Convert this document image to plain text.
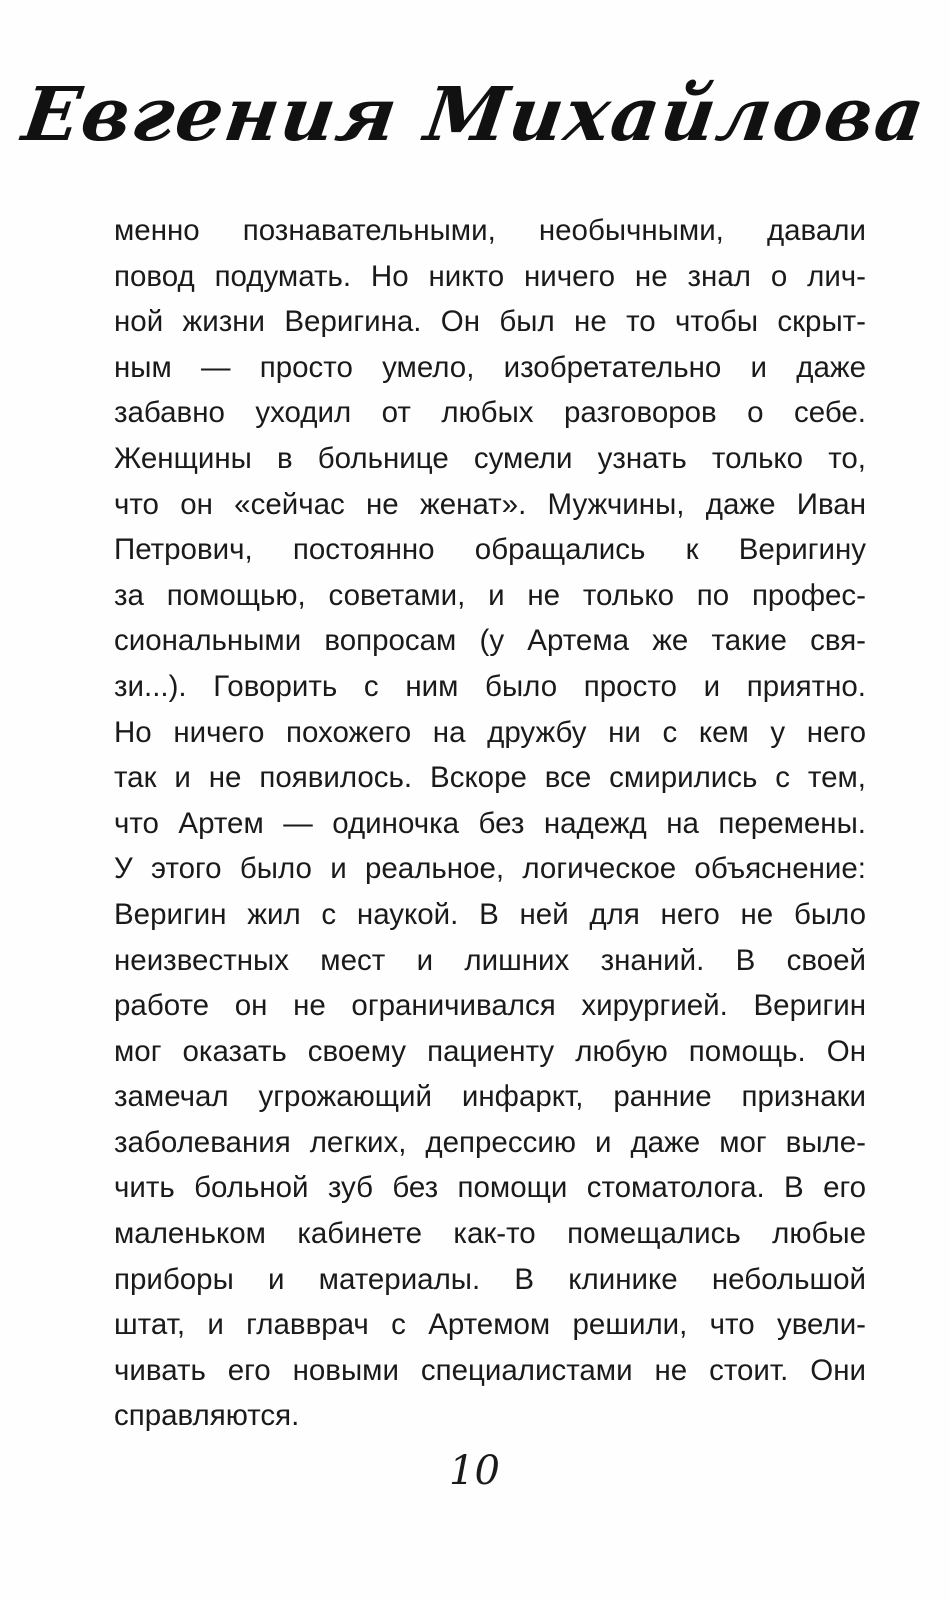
Евгения Михайлова
менно познавательными, необычными, давали
повод подумать. Но никто ничего не знал о лич-
ной жизни Веригина. Он был не то чтобы скрыт-
ным — просто умело, изобретательно и даже
забавно уходил от любых разговоров о себе.
Женщины в больнице сумели узнать только то,
что он «сейчас не женат». Мужчины, даже Иван
Петрович, постоянно обращались к Веригину
за помощью, советами, и не только по профес-
сиональными вопросам (у Артема же такие свя-
зи...). Говорить с ним было просто и приятно.
Но ничего похожего на дружбу ни с кем у него
так и не появилось. Вскоре все смирились с тем,
что Артем — одиночка без надежд на перемены.
У этого было и реальное, логическое объяснение:
Веригин жил с наукой. В ней для него не было
неизвестных мест и лишних знаний. В своей
работе он не ограничивался хирургией. Веригин
мог оказать своему пациенту любую помощь. Он
замечал угрожающий инфаркт, ранние признаки
заболевания легких, депрессию и даже мог выле-
чить больной зуб без помощи стоматолога. В его
маленьком кабинете как-то помещались любые
приборы и материалы. В клинике небольшой
штат, и главврач с Артемом решили, что увели-
чивать его новыми специалистами не стоит. Они
справляются.
10
